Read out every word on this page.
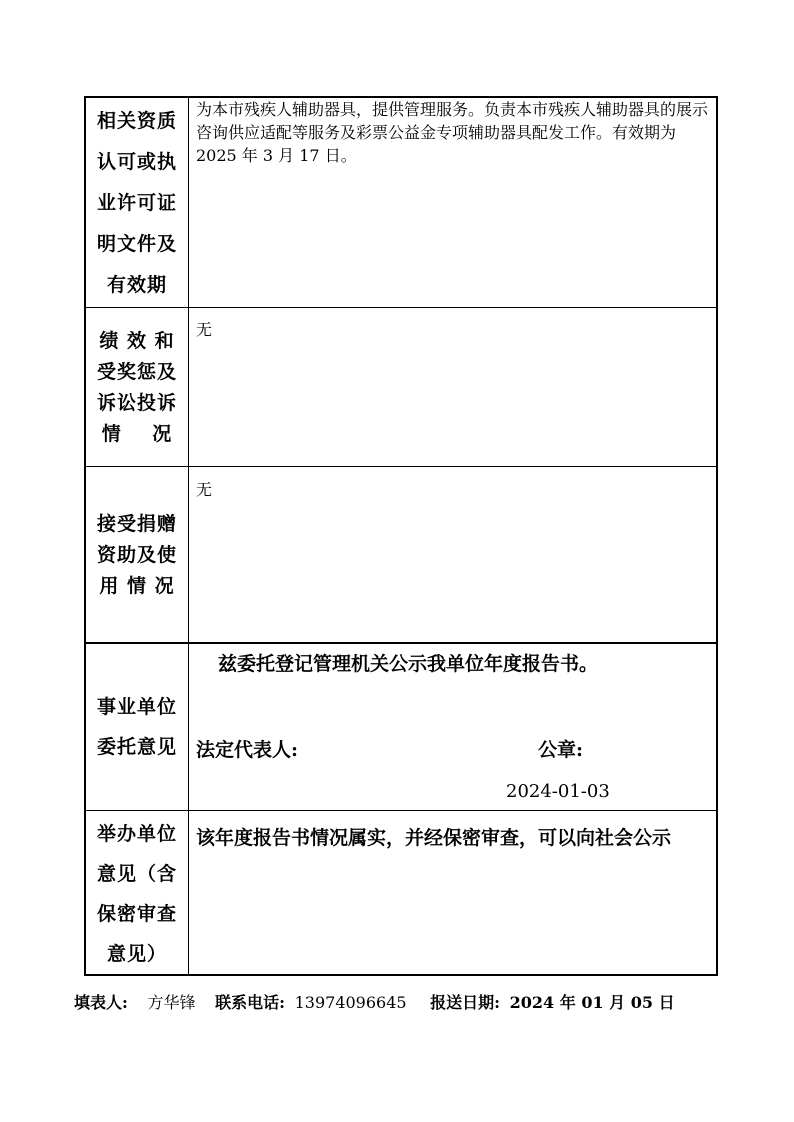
相关资质
认可或执
业许可证
明文件及
有效期
为本市残疾人辅助器具，提供管理服务。负责本市残疾人辅助器具的展示咨询供应适配等服务及彩票公益金专项辅助器具配发工作。有效期为 2025 年 3 月 17 日。
绩 效 和
受奖惩及
诉讼投诉
情    况
无
接受捐赠
资助及使
用 情 况
无
事业单位
委托意见
兹委托登记管理机关公示我单位年度报告书。
法定代表人:	公章:
2024-01-03
举办单位
意见（含
保密审查
意见）
该年度报告书情况属实，并经保密审查，可以向社会公示
填表人: 方华锋 联系电话: 13974096645 报送日期: 2024 年 01 月 05 日
